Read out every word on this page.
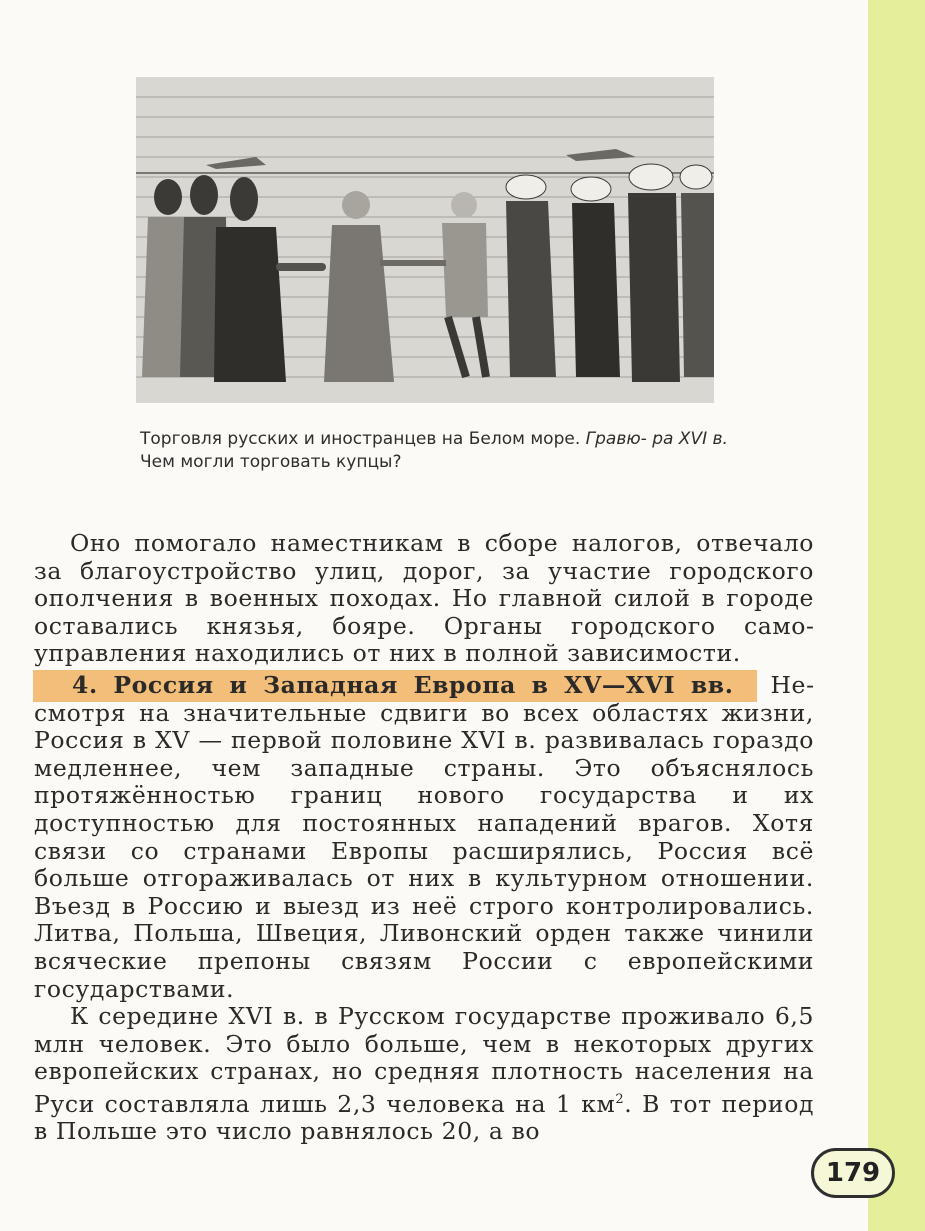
Торговля русских и иностранцев на Белом море. Гравю- ра XVI в.
Чем могли торговать купцы?

Оно помогало наместникам в сборе налогов, отвечало за благоустройство улиц, дорог, за участие городского ополчения в военных походах. Но главной силой в городе оставались князья, бояре. Органы городского самоуправления находились от них в полной зависимости.

4. Россия и Западная Европа в XV—XVI вв. Несмотря на значительные сдвиги во всех областях жизни, Россия в XV — первой половине XVI в. развивалась гораздо медленнее, чем западные страны. Это объяснялось протяжённостью границ нового государства и их доступностью для постоянных нападений врагов. Хотя связи со странами Европы расширялись, Россия всё больше отгораживалась от них в культурном отношении. Въезд в Россию и выезд из неё строго контролировались. Литва, Польша, Швеция, Ливонский орден также чинили всяческие препоны связям России с европейскими государствами.

К середине XVI в. в Русском государстве проживало 6,5 млн человек. Это было больше, чем в некоторых других европейских странах, но средняя плотность населения на Руси составляла лишь 2,3 человека на 1 $км^2$. В тот период в Польше это число равнялось 20, а во

179
